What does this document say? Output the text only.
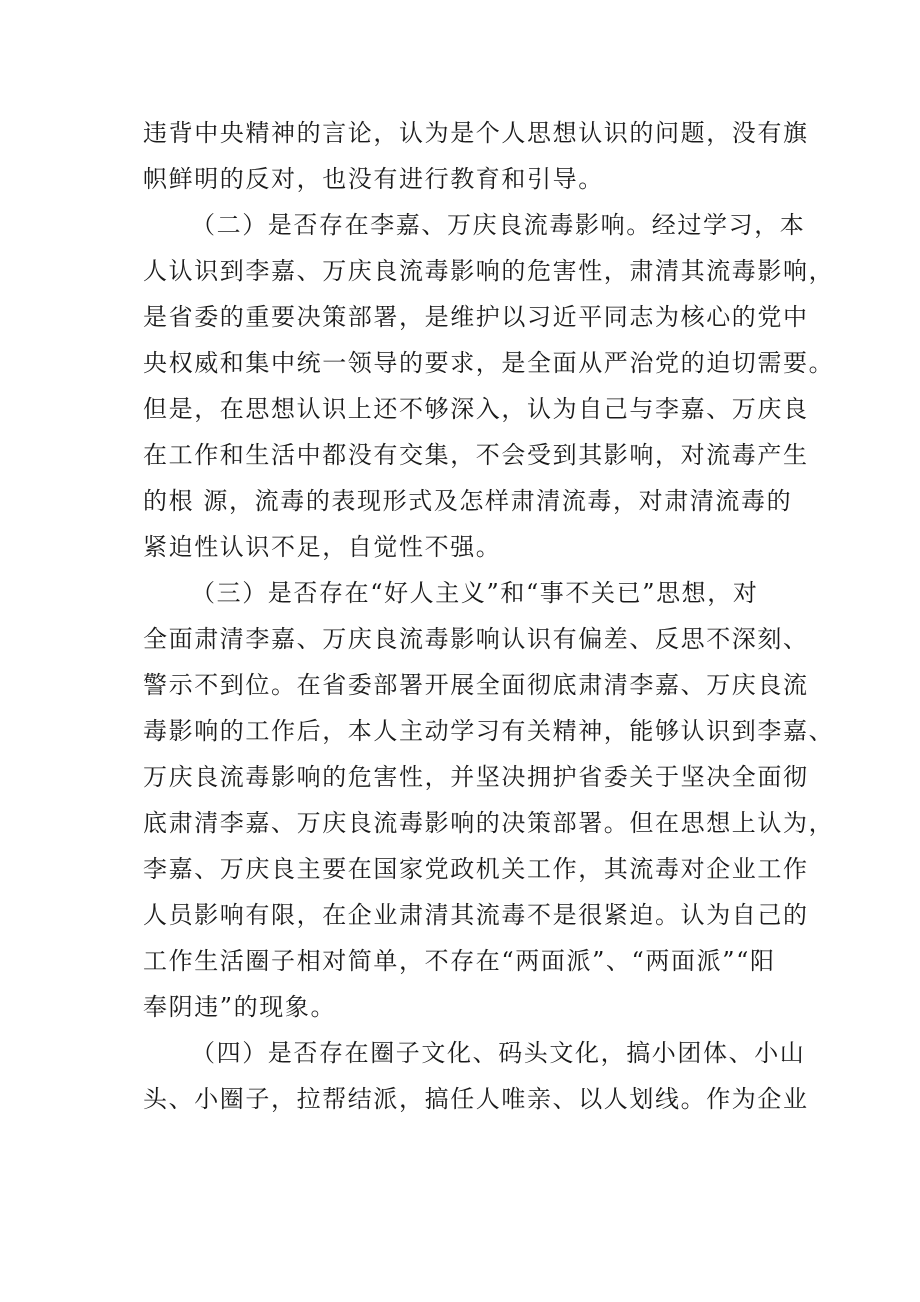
违背中央精神的言论，认为是个人思想认识的问题，没有旗
帜鲜明的反对，也没有进行教育和引导。
（二）是否存在李嘉、万庆良流毒影响。经过学习，本
人认识到李嘉、万庆良流毒影响的危害性，肃清其流毒影响，
是省委的重要决策部署，是维护以习近平同志为核心的党中
央权威和集中统一领导的要求，是全面从严治党的迫切需要。
但是，在思想认识上还不够深入，认为自己与李嘉、万庆良
在工作和生活中都没有交集，不会受到其影响，对流毒产生
的根 源，流毒的表现形式及怎样肃清流毒，对肃清流毒的
紧迫性认识不足，自觉性不强。
（三）是否存在“好人主义”和“事不关已”思想，对
全面肃清李嘉、万庆良流毒影响认识有偏差、反思不深刻、
警示不到位。在省委部署开展全面彻底肃清李嘉、万庆良流
毒影响的工作后，本人主动学习有关精神，能够认识到李嘉、
万庆良流毒影响的危害性，并坚决拥护省委关于坚决全面彻
底肃清李嘉、万庆良流毒影响的决策部署。但在思想上认为，
李嘉、万庆良主要在国家党政机关工作，其流毒对企业工作
人员影响有限，在企业肃清其流毒不是很紧迫。认为自己的
工作生活圈子相对简单，不存在“两面派”、“两面派”“阳
奉阴违”的现象。
（四）是否存在圈子文化、码头文化，搞小团体、小山
头、小圈子，拉帮结派，搞任人唯亲、以人划线。作为企业
